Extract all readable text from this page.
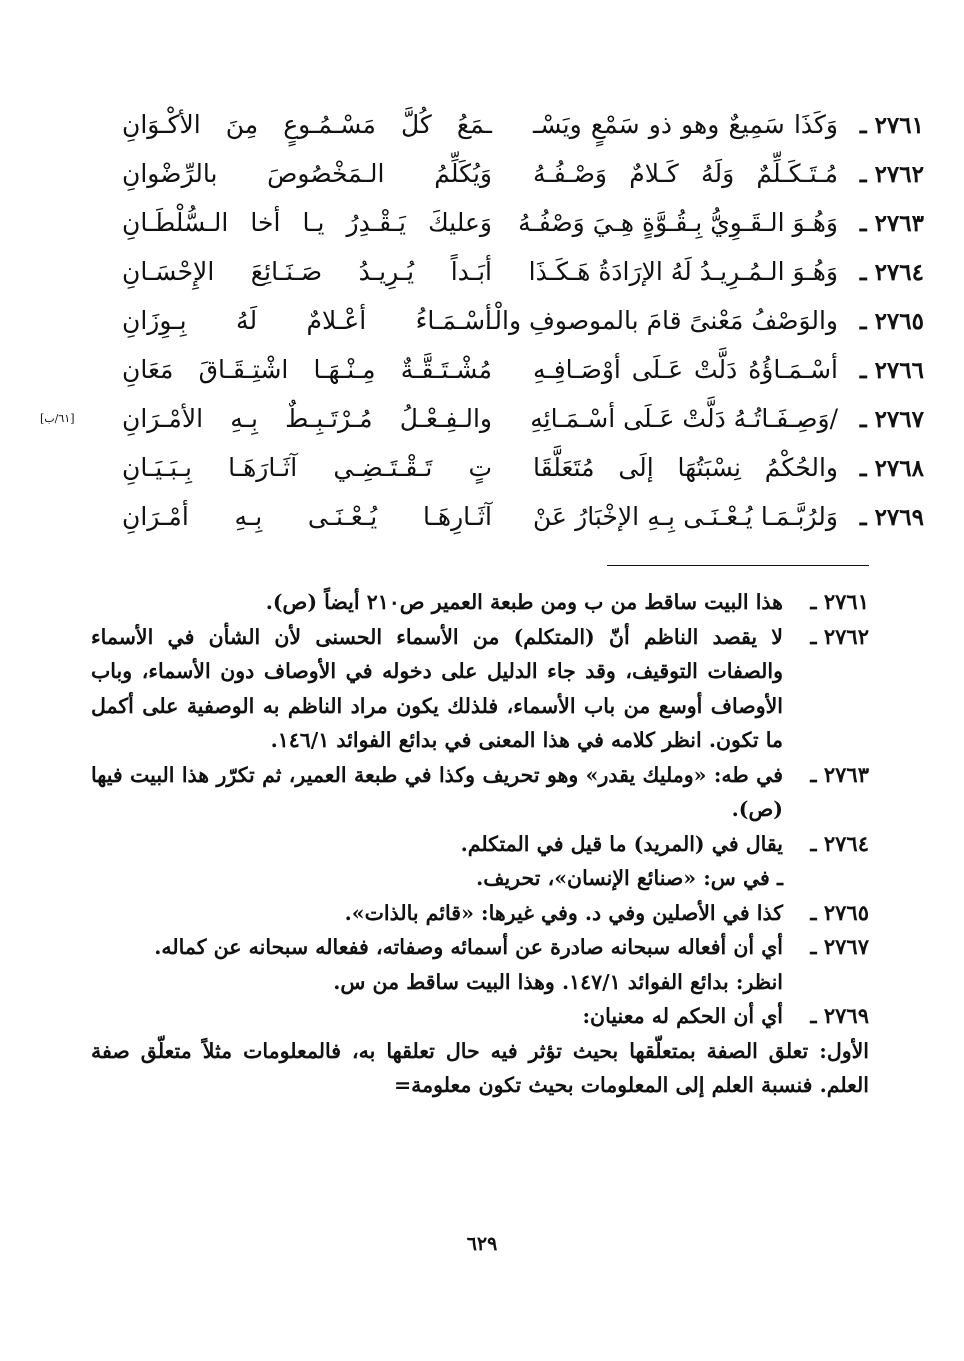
٢٧٦١ ـ
وَكَذَا سَمِيعٌ وهو ذو سَمْعٍ ويَسْـ
ـمَعُ كُلَّ مَسْـمُـوعٍ مِنَ الأكْـوَانِ
٢٧٦٢ ـ
مُـتَـكَـلِّمٌ وَلَهُ كَـلامٌ وَصْـفُـهُ
وَيُكَلِّمُ الـمَخْصُوصَ بالرِّضْوانِ
٢٧٦٣ ـ
وَهُـوَ الـقَـوِيُّ بِـقُـوَّةٍ هِـيَ وَصْفُـهُ
وَعليكَ يَـقْـدِرُ يـا أخا الـسُّلْطَـانِ
٢٧٦٤ ـ
وَهُـوَ الـمُـرِيـدُ لَهُ الإرَادَةُ هَـكَـذَا
أبَـداً يُـرِيـدُ صَـنَـائِعَ الإِحْسَـانِ
٢٧٦٥ ـ
والوَصْفُ مَعْنىً قامَ بالموصوفِ والْـ
أسْـمَـاءُ أعْـلامٌ لَهُ بِـوِزَانِ
٢٧٦٦ ـ
أسْـمَـاؤُهُ دَلَّتْ عَـلَى أوْصَـافِـهِ
مُشْـتَـقَّـةٌ مِـنْـهَـا اشْتِـقَـاقَ مَعَانِ
٢٧٦٧ ـ
/وَصِـفَـاتُـهُ دَلَّتْ عَـلَى أسْـمَـائِهِ
والـفِـعْـلُ مُـرْتَـبِـطٌ بِـهِ الأمْـرَانِ
[٦١/ب]
٢٧٦٨ ـ
والحُكْمُ نِسْبَتُهَا إلَى مُتَعَلَّقَا
تٍ تَـقْـتَـضِـي آثَـارَهَـا بِـبَـيَـانِ
٢٧٦٩ ـ
وَلرُبَّـمَـا يُـعْـنَـى بِـهِ الإخْبَارُ عَنْ
آثَـارِهَـا يُـعْـنَـى بِـهِ أمْـرَانِ
٢٧٦١ ـ
هذا البيت ساقط من ب ومن طبعة العمير ص٢١٠ أيضاً (ص).
٢٧٦٢ ـ
لا يقصد الناظم أنّ (المتكلم) من الأسماء الحسنى لأن الشأن في الأسماء والصفات التوقيف، وقد جاء الدليل على دخوله في الأوصاف دون الأسماء، وباب الأوصاف أوسع من باب الأسماء، فلذلك يكون مراد الناظم به الوصفية على أكمل ما تكون. انظر كلامه في هذا المعنى في بدائع الفوائد ١٤٦/١.
٢٧٦٣ ـ
في طه: «ومليك يقدر» وهو تحريف وكذا في طبعة العمير، ثم تكرّر هذا البيت فيها (ص).
٢٧٦٤ ـ
يقال في (المريد) ما قيل في المتكلم.
ـ في س: «صنائع الإنسان»، تحريف.
٢٧٦٥ ـ
كذا في الأصلين وفي د. وفي غيرها: «قائم بالذات».
٢٧٦٧ ـ
أي أن أفعاله سبحانه صادرة عن أسمائه وصفاته، ففعاله سبحانه عن كماله.
انظر: بدائع الفوائد ١٤٧/١. وهذا البيت ساقط من س.
٢٧٦٩ ـ
أي أن الحكم له معنيان:
الأول: تعلق الصفة بمتعلّقها بحيث تؤثر فيه حال تعلقها به، فالمعلومات مثلاً متعلّق صفة العلم. فنسبة العلم إلى المعلومات بحيث تكون معلومة=
٦٢٩
